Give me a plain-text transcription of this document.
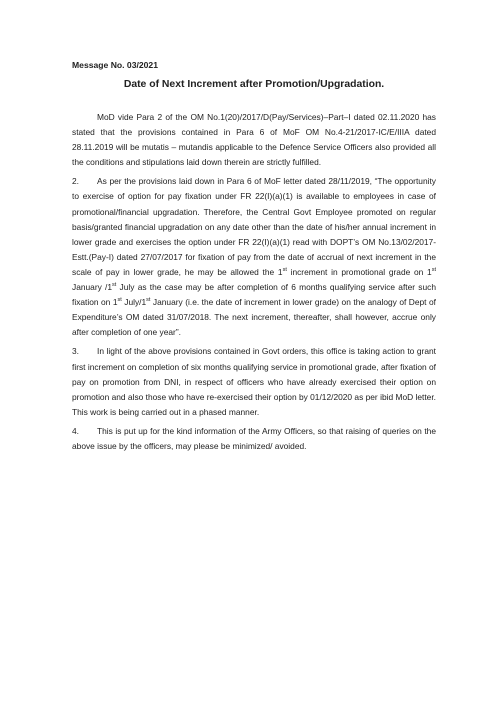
Message No. 03/2021
Date of Next Increment after Promotion/Upgradation.

MoD vide Para 2 of the OM No.1(20)/2017/D(Pay/Services)–Part–I dated 02.11.2020 has stated that the provisions contained in Para 6 of MoF OM No.4-21/2017-IC/E/IIIA dated 28.11.2019 will be mutatis – mutandis applicable to the Defence Service Officers also provided all the conditions and stipulations laid down therein are strictly fulfilled.

2. As per the provisions laid down in Para 6 of MoF letter dated 28/11/2019, “The opportunity to exercise of option for pay fixation under FR 22(I)(a)(1) is available to employees in case of promotional/financial upgradation. Therefore, the Central Govt Employee promoted on regular basis/granted financial upgradation on any date other than the date of his/her annual increment in lower grade and exercises the option under FR 22(I)(a)(1) read with DOPT’s OM No.13/02/2017-Estt.(Pay-I) dated 27/07/2017 for fixation of pay from the date of accrual of next increment in the scale of pay in lower grade, he may be allowed the 1st increment in promotional grade on 1st January /1st July as the case may be after completion of 6 months qualifying service after such fixation on 1st July/1st January (i.e. the date of increment in lower grade) on the analogy of Dept of Expenditure’s OM dated 31/07/2018. The next increment, thereafter, shall however, accrue only after completion of one year”.

3. In light of the above provisions contained in Govt orders, this office is taking action to grant first increment on completion of six months qualifying service in promotional grade, after fixation of pay on promotion from DNI, in respect of officers who have already exercised their option on promotion and also those who have re-exercised their option by 01/12/2020 as per ibid MoD letter. This work is being carried out in a phased manner.

4. This is put up for the kind information of the Army Officers, so that raising of queries on the above issue by the officers, may please be minimized/ avoided.
